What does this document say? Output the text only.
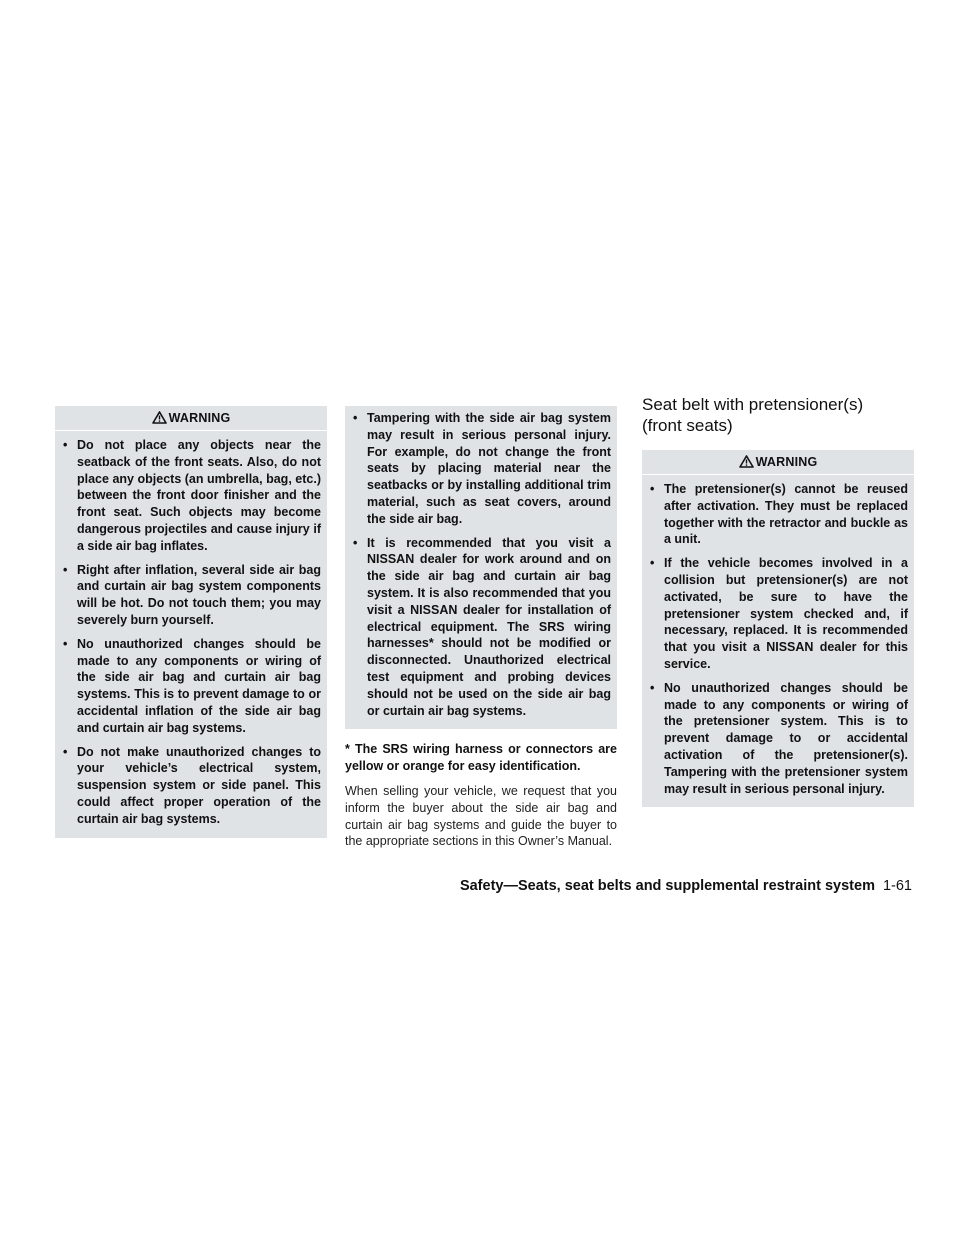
WARNING
• Do not place any objects near the seatback of the front seats. Also, do not place any objects (an umbrella, bag, etc.) between the front door finisher and the front seat. Such objects may become dangerous projectiles and cause injury if a side air bag inflates.
• Right after inflation, several side air bag and curtain air bag system components will be hot. Do not touch them; you may severely burn yourself.
• No unauthorized changes should be made to any components or wiring of the side air bag and curtain air bag systems. This is to prevent damage to or accidental inflation of the side air bag and curtain air bag systems.
• Do not make unauthorized changes to your vehicle’s electrical system, suspension system or side panel. This could affect proper operation of the curtain air bag systems.
• Tampering with the side air bag system may result in serious personal injury. For example, do not change the front seats by placing material near the seatbacks or by installing additional trim material, such as seat covers, around the side air bag.
• It is recommended that you visit a NISSAN dealer for work around and on the side air bag and curtain air bag system. It is also recommended that you visit a NISSAN dealer for installation of electrical equipment. The SRS wiring harnesses* should not be modified or disconnected. Unauthorized electrical test equipment and probing devices should not be used on the side air bag or curtain air bag systems.

* The SRS wiring harness or connectors are yellow or orange for easy identification.

When selling your vehicle, we request that you inform the buyer about the side air bag and curtain air bag systems and guide the buyer to the appropriate sections in this Owner’s Manual.

Seat belt with pretensioner(s)
(front seats)
WARNING
• The pretensioner(s) cannot be reused after activation. They must be replaced together with the retractor and buckle as a unit.
• If the vehicle becomes involved in a collision but pretensioner(s) are not activated, be sure to have the pretensioner system checked and, if necessary, replaced. It is recommended that you visit a NISSAN dealer for this service.
• No unauthorized changes should be made to any components or wiring of the pretensioner system. This is to prevent damage to or accidental activation of the pretensioner(s). Tampering with the pretensioner system may result in serious personal injury.
Safety—Seats, seat belts and supplemental restraint system 1-61
